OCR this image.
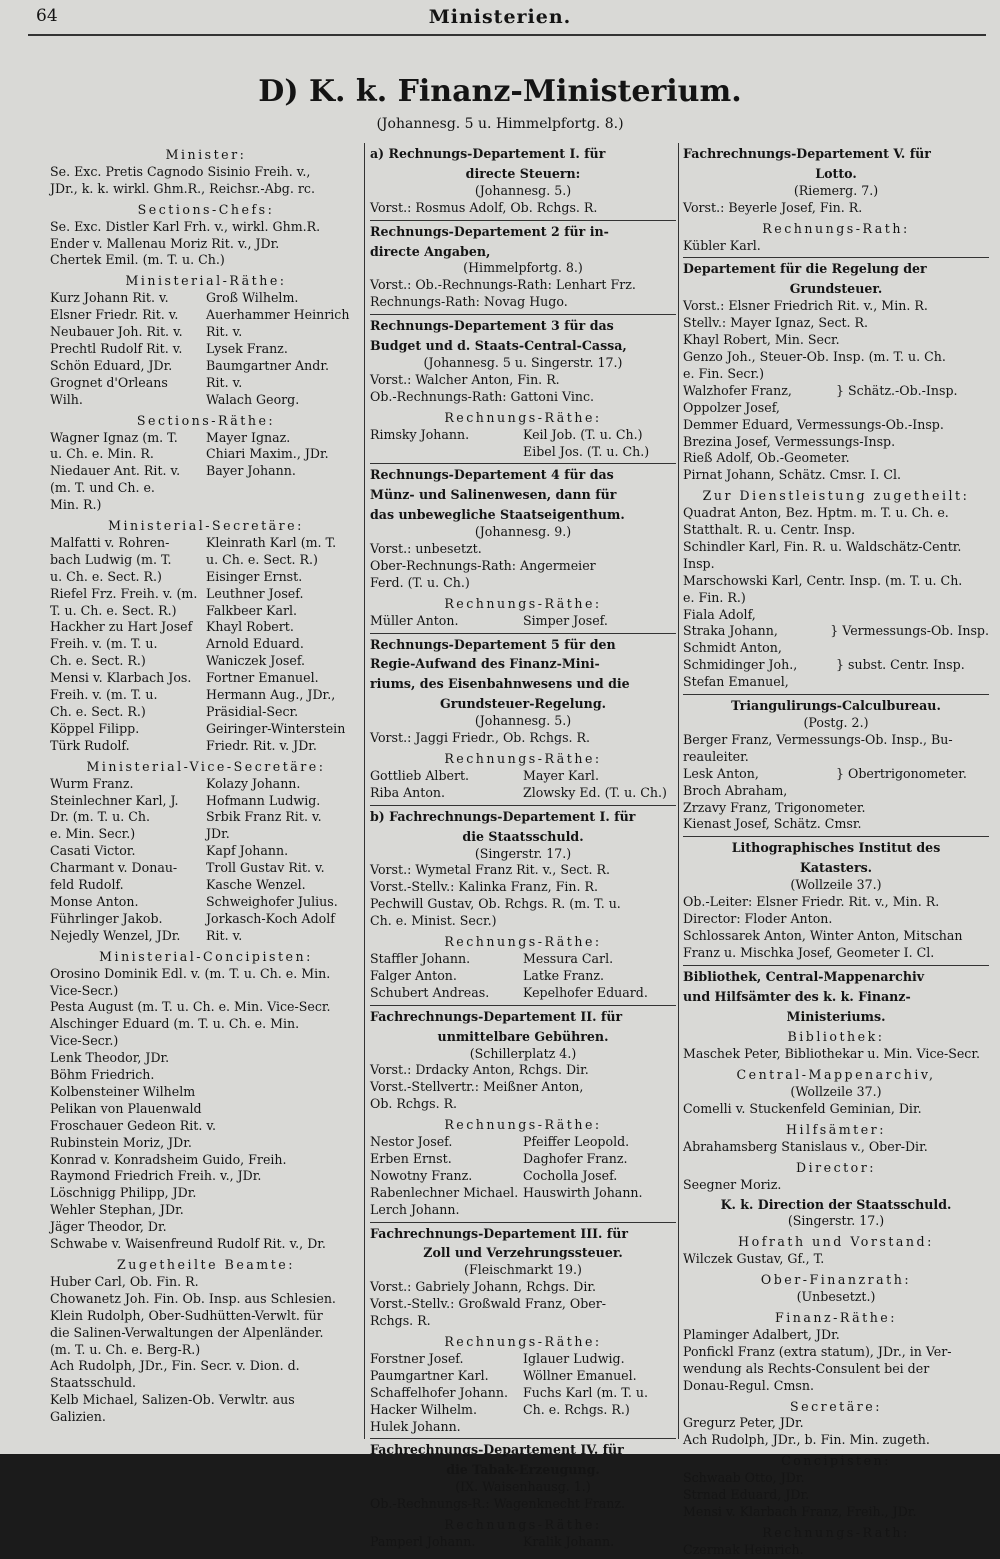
64	Ministerien.
D) K. k. Finanz-Ministerium.
(Johannesg. 5 u. Himmelpfortg. 8.)
Minister:
Se. Exc. Pretis Cagnodo Sisinio Freih. v.,
JDr., k. k. wirkl. Ghm.R., Reichsr.-Abg. rc.
Sections-Chefs:
Se. Exc. Distler Karl Frh. v., wirkl. Ghm.R.
Ender v. Mallenau Moriz Rit. v., JDr.
Chertek Emil. (m. T. u. Ch.)
Ministerial-Räthe:
Kurz Johann Rit. v.	Groß Wilhelm.
Elsner Friedr. Rit. v.	Auerhammer Heinrich
Neubauer Joh. Rit. v.	Rit. v.
Prechtl Rudolf Rit. v.	Lysek Franz.
Schön Eduard, JDr.	Baumgartner Andr.
Grognet d'Orleans	Rit. v.
Wilh.	Walach Georg.
Sections-Räthe:
Wagner Ignaz (m. T.	Mayer Ignaz.
u. Ch. e. Min. R.	Chiari Maxim., JDr.
Niedauer Ant. Rit. v.	Bayer Johann.
(m. T. und Ch. e.
Min. R.)
Ministerial-Secretäre:
Malfatti v. Rohren-	Kleinrath Karl (m. T.
bach Ludwig (m. T.	u. Ch. e. Sect. R.)
u. Ch. e. Sect. R.)	Eisinger Ernst.
Riefel Frz. Freih. v. (m. Leuthner Josef.
T. u. Ch. e. Sect. R.)	Falkbeer Karl.
Hackher zu Hart Josef	Khayl Robert.
Freih. v. (m. T. u.	Arnold Eduard.
Ch. e. Sect. R.)	Waniczek Josef.
Mensi v. Klarbach Jos.	Fortner Emanuel.
Freih. v. (m. T. u.	Hermann Aug., JDr.,
Ch. e. Sect. R.)	Präsidial-Secr.
Köppel Filipp.	Geiringer-Winterstein
Türk Rudolf.	Friedr. Rit. v. JDr.
Ministerial-Vice-Secretäre:
Wurm Franz.	Kolazy Johann.
Steinlechner Karl, J.	Hofmann Ludwig.
Dr. (m. T. u. Ch.	Srbik Franz Rit. v.
e. Min. Secr.)	JDr.
Casati Victor.	Kapf Johann.
Charmant v. Donau-	Troll Gustav Rit. v.
feld Rudolf.	Kasche Wenzel.
Monse Anton.	Schweighofer Julius.
Führlinger Jakob.	Jorkasch-Koch Adolf
Nejedly Wenzel, JDr.	Rit. v.
Ministerial-Concipisten:
Orosino Dominik Edl. v. (m. T. u. Ch. e. Min.
Vice-Secr.)
Pesta August (m. T. u. Ch. e. Min. Vice-Secr.
Alschinger Eduard (m. T. u. Ch. e. Min.
Vice-Secr.)
Lenk Theodor, JDr.
Böhm Friedrich.
Kolbensteiner Wilhelm
Pelikan von Plauenwald
Froschauer Gedeon Rit. v.
Rubinstein Moriz, JDr.
Konrad v. Konradsheim Guido, Freih.
Raymond Friedrich Freih. v., JDr.
Löschnigg Philipp, JDr.
Wehler Stephan, JDr.
Jäger Theodor, Dr.
Schwabe v. Waisenfreund Rudolf Rit. v., Dr.
Zugetheilte Beamte:
Huber Carl, Ob. Fin. R.
Chowanetz Joh. Fin. Ob. Insp. aus Schlesien.
Klein Rudolph, Ober-Sudhütten-Verwlt. für
die Salinen-Verwaltungen der Alpenländer.
(m. T. u. Ch. e. Berg-R.)
Ach Rudolph, JDr., Fin. Secr. v. Dion. d.
Staatsschuld.
Kelb Michael, Salizen-Ob. Verwltr. aus
Galizien.
a) Rechnungs-Departement I. für
directe Steuern:
(Johannesg. 5.)
Vorst.: Rosmus Adolf, Ob. Rchgs. R.
Rechnungs-Departement 2 für in-
directe Angaben,
(Himmelpfortg. 8.)
Vorst.: Ob.-Rechnungs-Rath: Lenhart Frz.
Rechnungs-Rath: Novag Hugo.
Rechnungs-Departement 3 für das
Budget und d. Staats-Central-Cassa,
(Johannesg. 5 u. Singerstr. 17.)
Vorst.: Walcher Anton, Fin. R.
Ob.-Rechnungs-Rath: Gattoni Vinc.
Rechnungs-Räthe:
Rimsky Johann.	Keil Job. (T. u. Ch.)
Eibel Jos. (T. u. Ch.)
Rechnungs-Departement 4 für das
Münz- und Salinenwesen, dann für
das unbewegliche Staatseigenthum.
(Johannesg. 9.)
Vorst.: unbesetzt.
Ober-Rechnungs-Rath: Angermeier
Ferd. (T. u. Ch.)
Rechnungs-Räthe:
Müller Anton.	Simper Josef.
Rechnungs-Departement 5 für den
Regie-Aufwand des Finanz-Mini-
riums, des Eisenbahnwesens und die
Grundsteuer-Regelung.
(Johannesg. 5.)
Vorst.: Jaggi Friedr., Ob. Rchgs. R.
Rechnungs-Räthe:
Gottlieb Albert.	Mayer Karl.
Riba Anton.	Zlowsky Ed. (T. u. Ch.)
b) Fachrechnungs-Departement I. für
die Staatsschuld.
(Singerstr. 17.)
Vorst.: Wymetal Franz Rit. v., Sect. R.
Vorst.-Stellv.: Kalinka Franz, Fin. R.
Pechwill Gustav, Ob. Rchgs. R. (m. T. u.
Ch. e. Minist. Secr.)
Rechnungs-Räthe:
Staffler Johann.	Messura Carl.
Falger Anton.	Latke Franz.
Schubert Andreas.	Kepelhofer Eduard.
Fachrechnungs-Departement II. für
unmittelbare Gebühren.
(Schillerplatz 4.)
Vorst.: Drdacky Anton, Rchgs. Dir.
Vorst.-Stellvertr.: Meißner Anton,
Ob. Rchgs. R.
Rechnungs-Räthe:
Nestor Josef.	Pfeiffer Leopold.
Erben Ernst.	Daghofer Franz.
Nowotny Franz.	Cocholla Josef.
Rabenlechner Michael. Hauswirth Johann.
Lerch Johann.
Fachrechnungs-Departement III. für
Zoll und Verzehrungssteuer.
(Fleischmarkt 19.)
Vorst.: Gabriely Johann, Rchgs. Dir.
Vorst.-Stellv.: Großwald Franz, Ober-
Rchgs. R.
Rechnungs-Räthe:
Forstner Josef.	Iglauer Ludwig.
Paumgartner Karl.	Wöllner Emanuel.
Schaffelhofer Johann.	Fuchs Karl (m. T. u.
Hacker Wilhelm.	Ch. e. Rchgs. R.)
Hulek Johann.
Fachrechnungs-Departement IV. für
die Tabak-Erzeugung.
(IX. Waisenhausg. 1.)
Ob.-Rechnungs-R.: Wagenknecht Franz.
Rechnungs-Räthe:
Pamperl Johann.	Kralik Johann.
Fachrechnungs-Departement V. für
Lotto.
(Riemerg. 7.)
Vorst.: Beyerle Josef, Fin. R.
Rechnungs-Rath:
Kübler Karl.
Departement für die Regelung der
Grundsteuer.
Vorst.: Elsner Friedrich Rit. v., Min. R.
Stellv.: Mayer Ignaz, Sect. R.
Khayl Robert, Min. Secr.
Genzo Joh., Steuer-Ob. Insp. (m. T. u. Ch.
e. Fin. Secr.)
Walzhofer Franz,	} Schätz.-Ob.-Insp.
Oppolzer Josef,
Demmer Eduard, Vermessungs-Ob.-Insp.
Brezina Josef, Vermessungs-Insp.
Rieß Adolf, Ob.-Geometer.
Pirnat Johann, Schätz. Cmsr. I. Cl.
Zur Dienstleistung zugetheilt:
Quadrat Anton, Bez. Hptm. m. T. u. Ch. e.
Statthalt. R. u. Centr. Insp.
Schindler Karl, Fin. R. u. Waldschätz-Centr.
Insp.
Marschowski Karl, Centr. Insp. (m. T. u. Ch.
e. Fin. R.)
Fiala Adolf,
Straka Johann,	} Vermessungs-Ob. Insp.
Schmidt Anton,
Schmidinger Joh.,	} subst. Centr. Insp.
Stefan Emanuel,
Triangulirungs-Calculbureau.
(Postg. 2.)
Berger Franz, Vermessungs-Ob. Insp., Bu-
reauleiter.
Lesk Anton,	} Obertrigonometer.
Broch Abraham,
Zrzavy Franz, Trigonometer.
Kienast Josef, Schätz. Cmsr.
Lithographisches Institut des
Katasters.
(Wollzeile 37.)
Ob.-Leiter: Elsner Friedr. Rit. v., Min. R.
Director: Floder Anton.
Schlossarek Anton, Winter Anton, Mitschan
Franz u. Mischka Josef, Geometer I. Cl.
Bibliothek, Central-Mappenarchiv
und Hilfsämter des k. k. Finanz-
Ministeriums.
Bibliothek:
Maschek Peter, Bibliothekar u. Min. Vice-Secr.
Central-Mappenarchiv,
(Wollzeile 37.)
Comelli v. Stuckenfeld Geminian, Dir.
Hilfsämter:
Abrahamsberg Stanislaus v., Ober-Dir.
Director:
Seegner Moriz.
K. k. Direction der Staatsschuld.
(Singerstr. 17.)
Hofrath und Vorstand:
Wilczek Gustav, Gf., T.
Ober-Finanzrath:
(Unbesetzt.)
Finanz-Räthe:
Plaminger Adalbert, JDr.
Ponfickl Franz (extra statum), JDr., in Ver-
wendung als Rechts-Consulent bei der
Donau-Regul. Cmsn.
Secretäre:
Gregurz Peter, JDr.
Ach Rudolph, JDr., b. Fin. Min. zugeth.
Concipisten:
Schwaab Otto, JDr.
Strnad Eduard, JDr.
Mensi v. Klarbach Franz, Freih., JDr.
Rechnungs-Rath:
Czermak Heinrich.
